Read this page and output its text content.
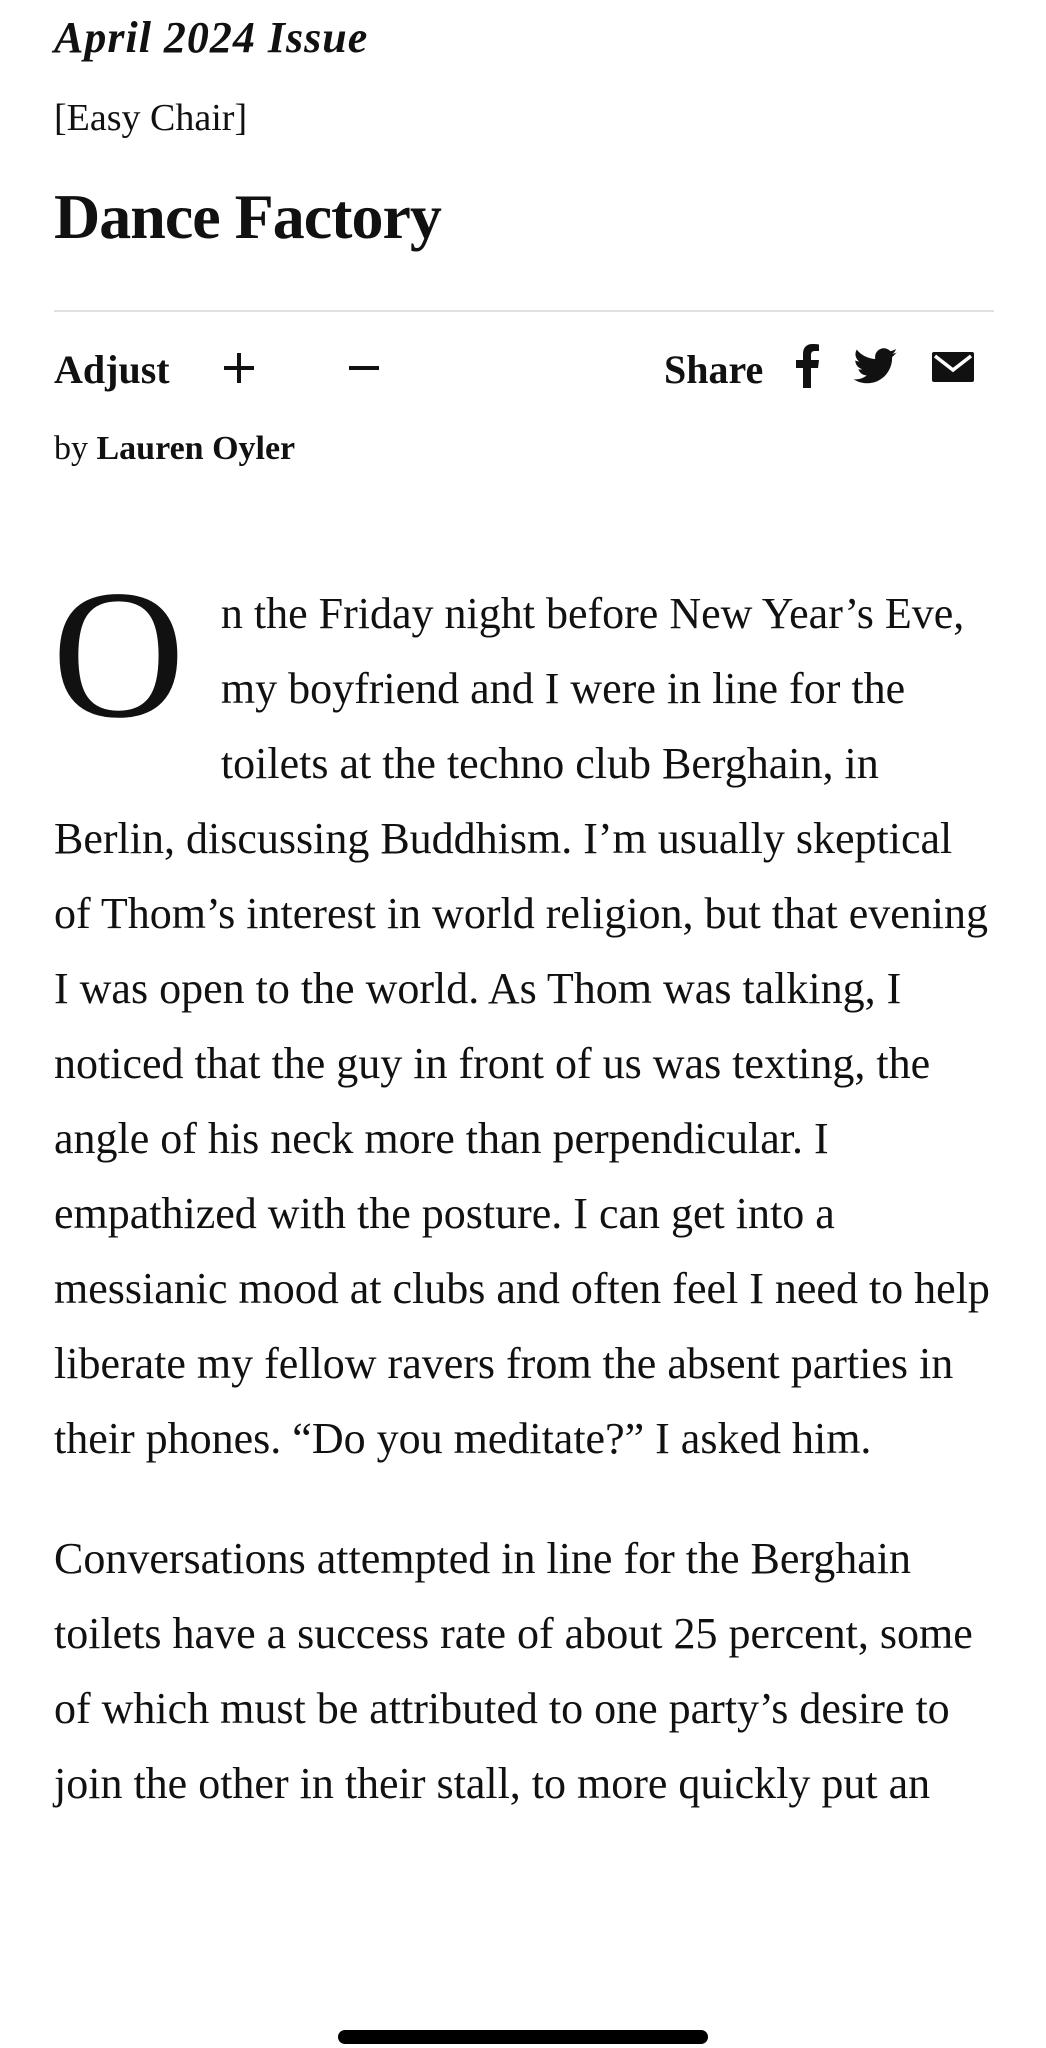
April 2024 Issue
[Easy Chair]
Dance Factory
Adjust	Share
by Lauren Oyler

On the Friday night before New Year’s Eve, my boyfriend and I were in line for the toilets at the techno club Berghain, in Berlin, discussing Buddhism. I’m usually skeptical of Thom’s interest in world religion, but that evening I was open to the world. As Thom was talking, I noticed that the guy in front of us was texting, the angle of his neck more than perpendicular. I empathized with the posture. I can get into a messianic mood at clubs and often feel I need to help liberate my fellow ravers from the absent parties in their phones. “Do you meditate?” I asked him.

Conversations attempted in line for the Berghain toilets have a success rate of about 25 percent, some of which must be attributed to one party’s desire to join the other in their stall, to more quickly put an
